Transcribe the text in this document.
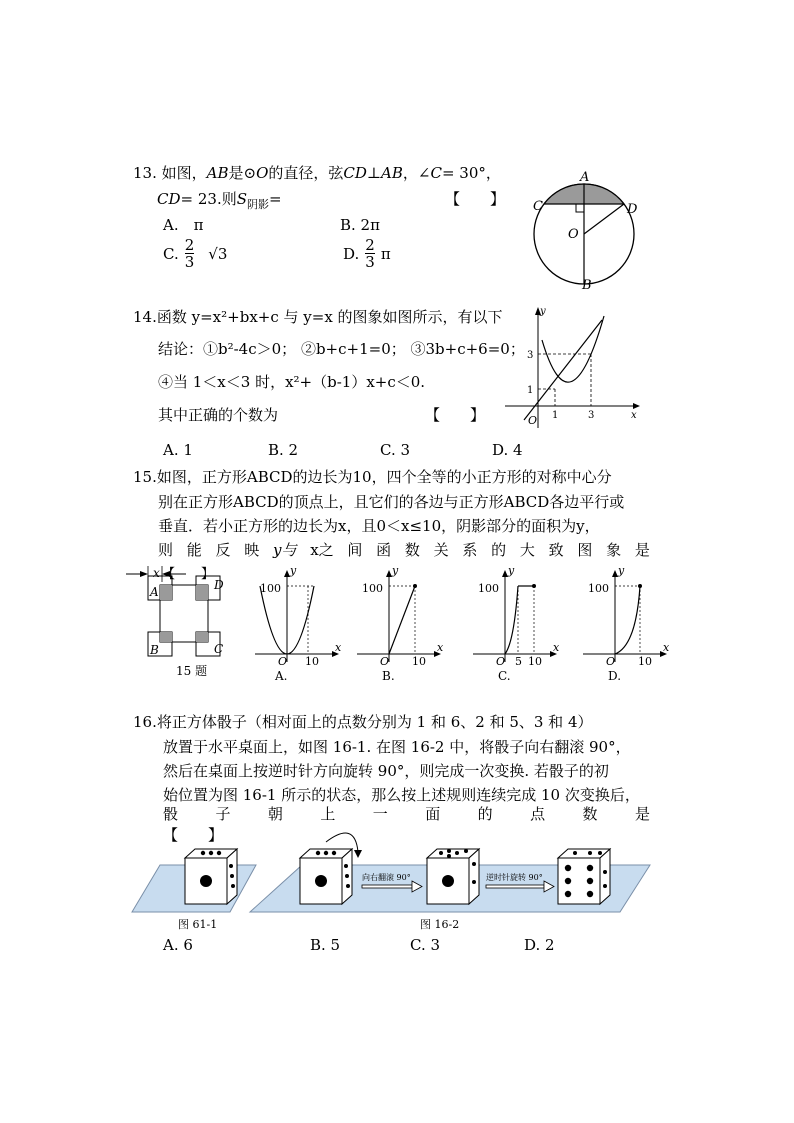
13. 如图，AB是⊙O的直径，弦CD⊥AB，∠C= 30°，
CD= 23.则$S_{阴影}=$	【　　】
A.　π	B. 2π
C. $\frac{2}{3} √3$	D. $\frac{2}{3}$ π
A
C	D
O
B
14.函数 y=x²+bx+c 与 y=x 的图象如图所示，有以下
结论：①b²-4c＞0； ②b+c+1=0； ③3b+c+6=0；
④当 1＜x＜3 时，x²+（b-1）x+c＜0.
其中正确的个数为	【　　】
A. 1	B. 2	C. 3	D. 4
y
x
O
3
1
1	3
15.如图，正方形ABCD的边长为10，四个全等的小正方形的对称中心分
别在正方形ABCD的顶点上，且它们的各边与正方形ABCD各边平行或
垂直．若小正方形的边长为x，且0＜x≤10，阴影部分的面积为y，
则 能 反 映 y与 x之 间 函 数 关 系 的 大 致 图 象 是
x 【　　】
A	D
B	C
15 题
y
x
100
O 10
A.
y
x
100
O 10
B.
y
x
100
O 5 10
C.
y
x
100
O 10
D.
16.将正方体骰子（相对面上的点数分别为 1 和 6、2 和 5、3 和 4）
放置于水平桌面上，如图 16-1. 在图 16-2 中，将骰子向右翻滚 90°，
然后在桌面上按逆时针方向旋转 90°，则完成一次变换. 若骰子的初
始位置为图 16-1 所示的状态，那么按上述规则连续完成 10 次变换后，
骰 子 朝 上 一 面 的 点 数 是
【　　】
向右翻滚 90°	逆时针旋转 90°
图 61-1	图 16-2
A. 6	B. 5	C. 3	D. 2
